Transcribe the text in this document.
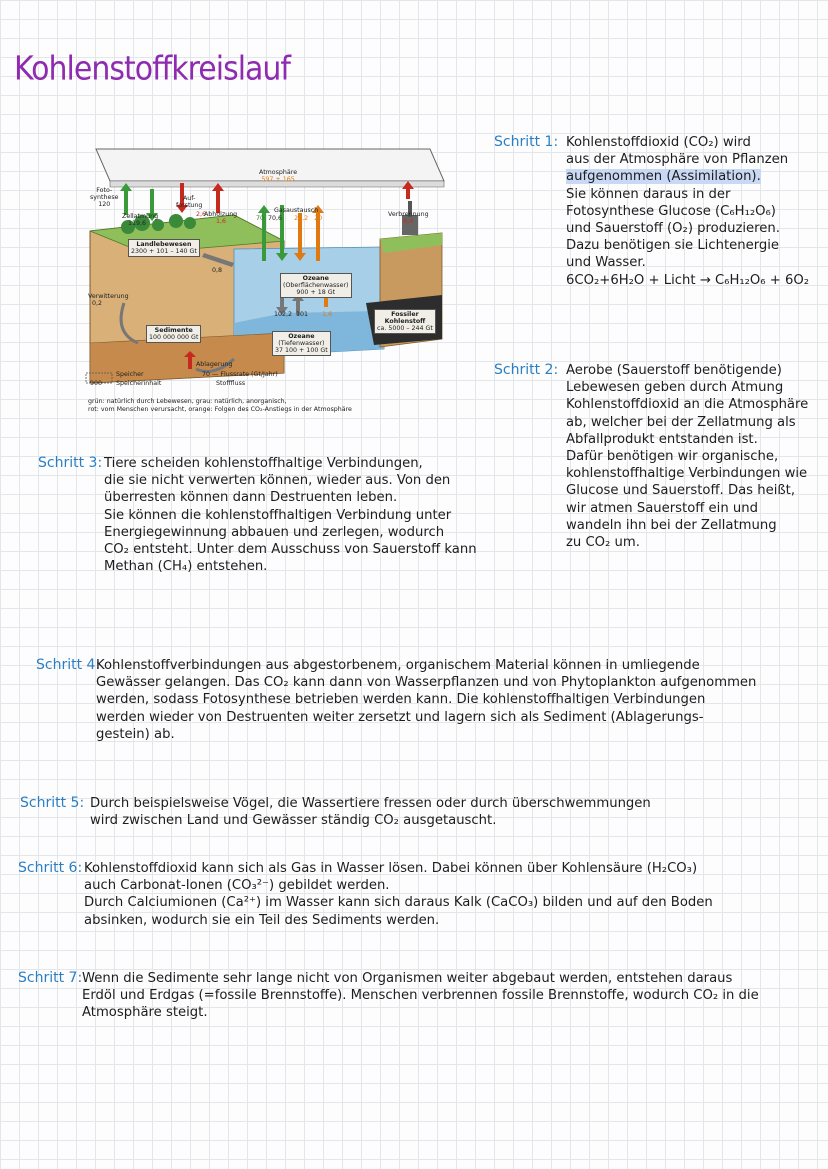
Kohlenstoffkreislauf
Atmosphäre
597 + 165
Foto-
synthese
120
Zellatmung
119,6
Auf-
forstung
2,6
Abholzung
1,6
Gasaustausch
70 70,6 22,2 20
Verbrennung
6,4
Landlebewesen
2300 + 101 – 140 Gt
0,8
Ozeane
(Oberflächenwasser)
900 + 18 Gt
102,2 101 1,6
Verwitterung
0,2
Sedimente
100 000 000 Gt	Ozeane
(Tiefenwasser)
37 100 + 100 Gt
Fossiler
Kohlenstoff
ca. 5000 – 244 Gt
Ablagerung
Speicher
900 Speicherinhalt
70 — Flussrate (Gt/Jahr)
Stofffluss
grün: natürlich durch Lebewesen, grau: natürlich, anorganisch,
rot: vom Menschen verursacht, orange: Folgen des CO₂-Anstiegs in der Atmosphäre
Schritt 1: Kohlenstoffdioxid (CO₂) wird
aus der Atmosphäre von Pflanzen
aufgenommen (Assimilation).
Sie können daraus in der
Fotosynthese Glucose (C₆H₁₂O₆)
und Sauerstoff (O₂) produzieren.
Dazu benötigen sie Lichtenergie
und Wasser.
6CO₂+6H₂O + Licht → C₆H₁₂O₆ + 6O₂
Schritt 2: Aerobe (Sauerstoff benötigende)
Lebewesen geben durch Atmung
Kohlenstoffdioxid an die Atmosphäre
ab, welcher bei der Zellatmung als
Abfallprodukt entstanden ist.
Dafür benötigen wir organische,
kohlenstoffhaltige Verbindungen wie
Glucose und Sauerstoff. Das heißt,
wir atmen Sauerstoff ein und
wandeln ihn bei der Zellatmung
zu CO₂ um.
Schritt 3: Tiere scheiden kohlenstoffhaltige Verbindungen,
die sie nicht verwerten können, wieder aus. Von den
überresten können dann Destruenten leben.
Sie können die kohlenstoffhaltigen Verbindung unter
Energiegewinnung abbauen und zerlegen, wodurch
CO₂ entsteht. Unter dem Ausschuss von Sauerstoff kann
Methan (CH₄) entstehen.
Schritt 4:
Kohlenstoffverbindungen aus abgestorbenem, organischem Material können in umliegende
Gewässer gelangen. Das CO₂ kann dann von Wasserpflanzen und von Phytoplankton aufgenommen
werden, sodass Fotosynthese betrieben werden kann. Die kohlenstoffhaltigen Verbindungen
werden wieder von Destruenten weiter zersetzt und lagern sich als Sediment (Ablagerungs-
gestein) ab.
Schritt 5: Durch beispielsweise Vögel, die Wassertiere fressen oder durch überschwemmungen
wird zwischen Land und Gewässer ständig CO₂ ausgetauscht.
Schritt 6: Kohlenstoffdioxid kann sich als Gas in Wasser lösen. Dabei können über Kohlensäure (H₂CO₃)
auch Carbonat-Ionen (CO₃²⁻) gebildet werden.
Durch Calciumionen (Ca²⁺) im Wasser kann sich daraus Kalk (CaCO₃) bilden und auf den Boden
absinken, wodurch sie ein Teil des Sediments werden.
Schritt 7: Wenn die Sedimente sehr lange nicht von Organismen weiter abgebaut werden, entstehen daraus
Erdöl und Erdgas (=fossile Brennstoffe). Menschen verbrennen fossile Brennstoffe, wodurch CO₂ in die
Atmosphäre steigt.
